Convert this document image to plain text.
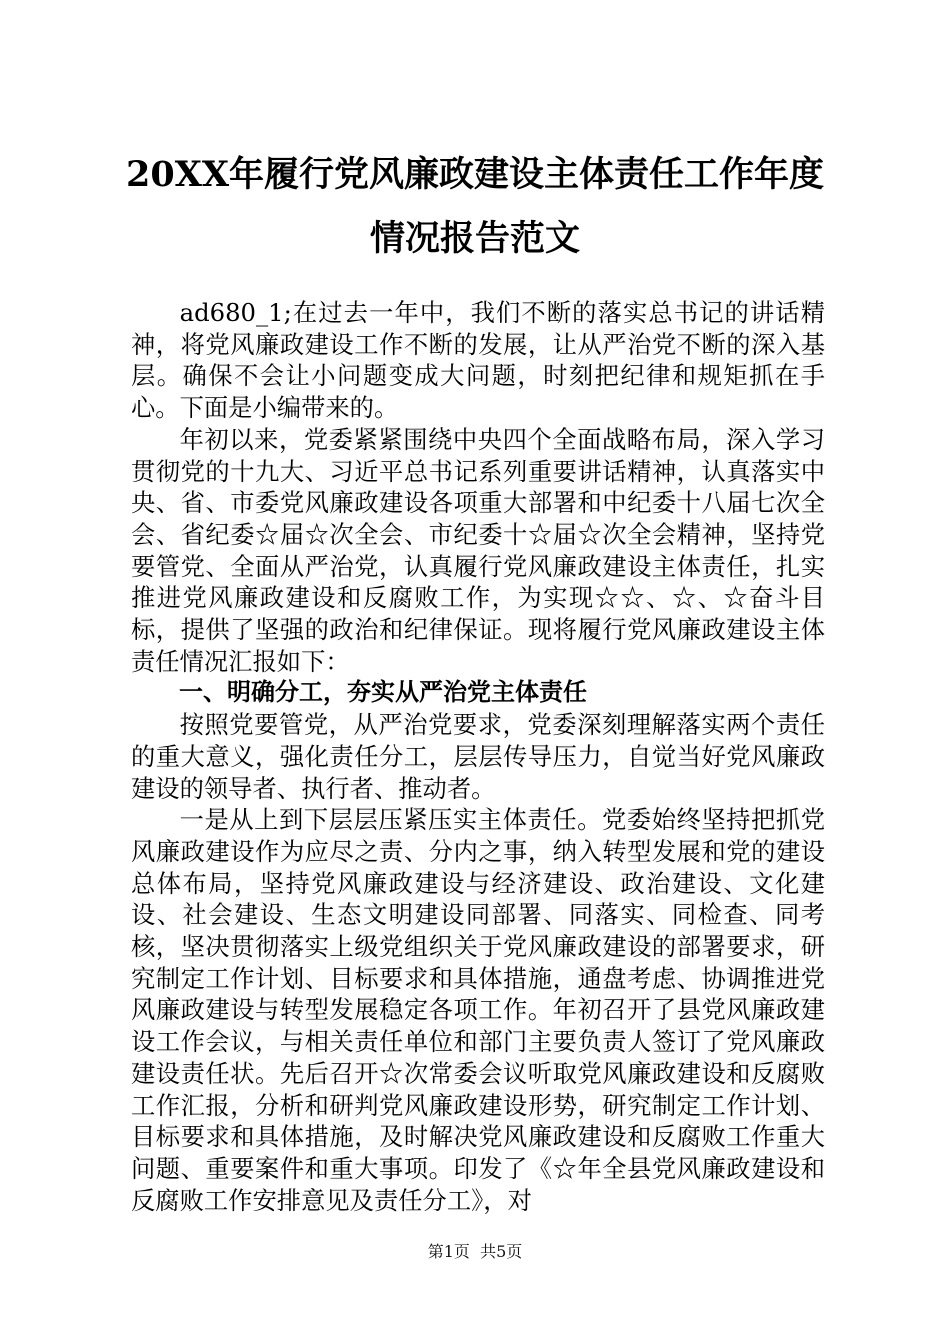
20XX年履行党风廉政建设主体责任工作年度
情况报告范文

ad680_1;在过去一年中，我们不断的落实总书记的讲话精神，将党风廉政建设工作不断的发展，让从严治党不断的深入基层。确保不会让小问题变成大问题，时刻把纪律和规矩抓在手心。下面是小编带来的。

年初以来，党委紧紧围绕中央四个全面战略布局，深入学习贯彻党的十九大、习近平总书记系列重要讲话精神，认真落实中央、省、市委党风廉政建设各项重大部署和中纪委十八届七次全会、省纪委☆届☆次全会、市纪委十☆届☆次全会精神，坚持党要管党、全面从严治党，认真履行党风廉政建设主体责任，扎实推进党风廉政建设和反腐败工作，为实现☆☆、☆、☆奋斗目标，提供了坚强的政治和纪律保证。现将履行党风廉政建设主体责任情况汇报如下：

一、明确分工，夯实从严治党主体责任

按照党要管党，从严治党要求，党委深刻理解落实两个责任的重大意义，强化责任分工，层层传导压力，自觉当好党风廉政建设的领导者、执行者、推动者。

一是从上到下层层压紧压实主体责任。党委始终坚持把抓党风廉政建设作为应尽之责、分内之事，纳入转型发展和党的建设总体布局，坚持党风廉政建设与经济建设、政治建设、文化建设、社会建设、生态文明建设同部署、同落实、同检查、同考核，坚决贯彻落实上级党组织关于党风廉政建设的部署要求，研究制定工作计划、目标要求和具体措施，通盘考虑、协调推进党风廉政建设与转型发展稳定各项工作。年初召开了县党风廉政建设工作会议，与相关责任单位和部门主要负责人签订了党风廉政建设责任状。先后召开☆次常委会议听取党风廉政建设和反腐败工作汇报，分析和研判党风廉政建设形势，研究制定工作计划、目标要求和具体措施，及时解决党风廉政建设和反腐败工作重大问题、重要案件和重大事项。印发了《☆年全县党风廉政建设和反腐败工作安排意见及责任分工》，对

第1页  共5页
